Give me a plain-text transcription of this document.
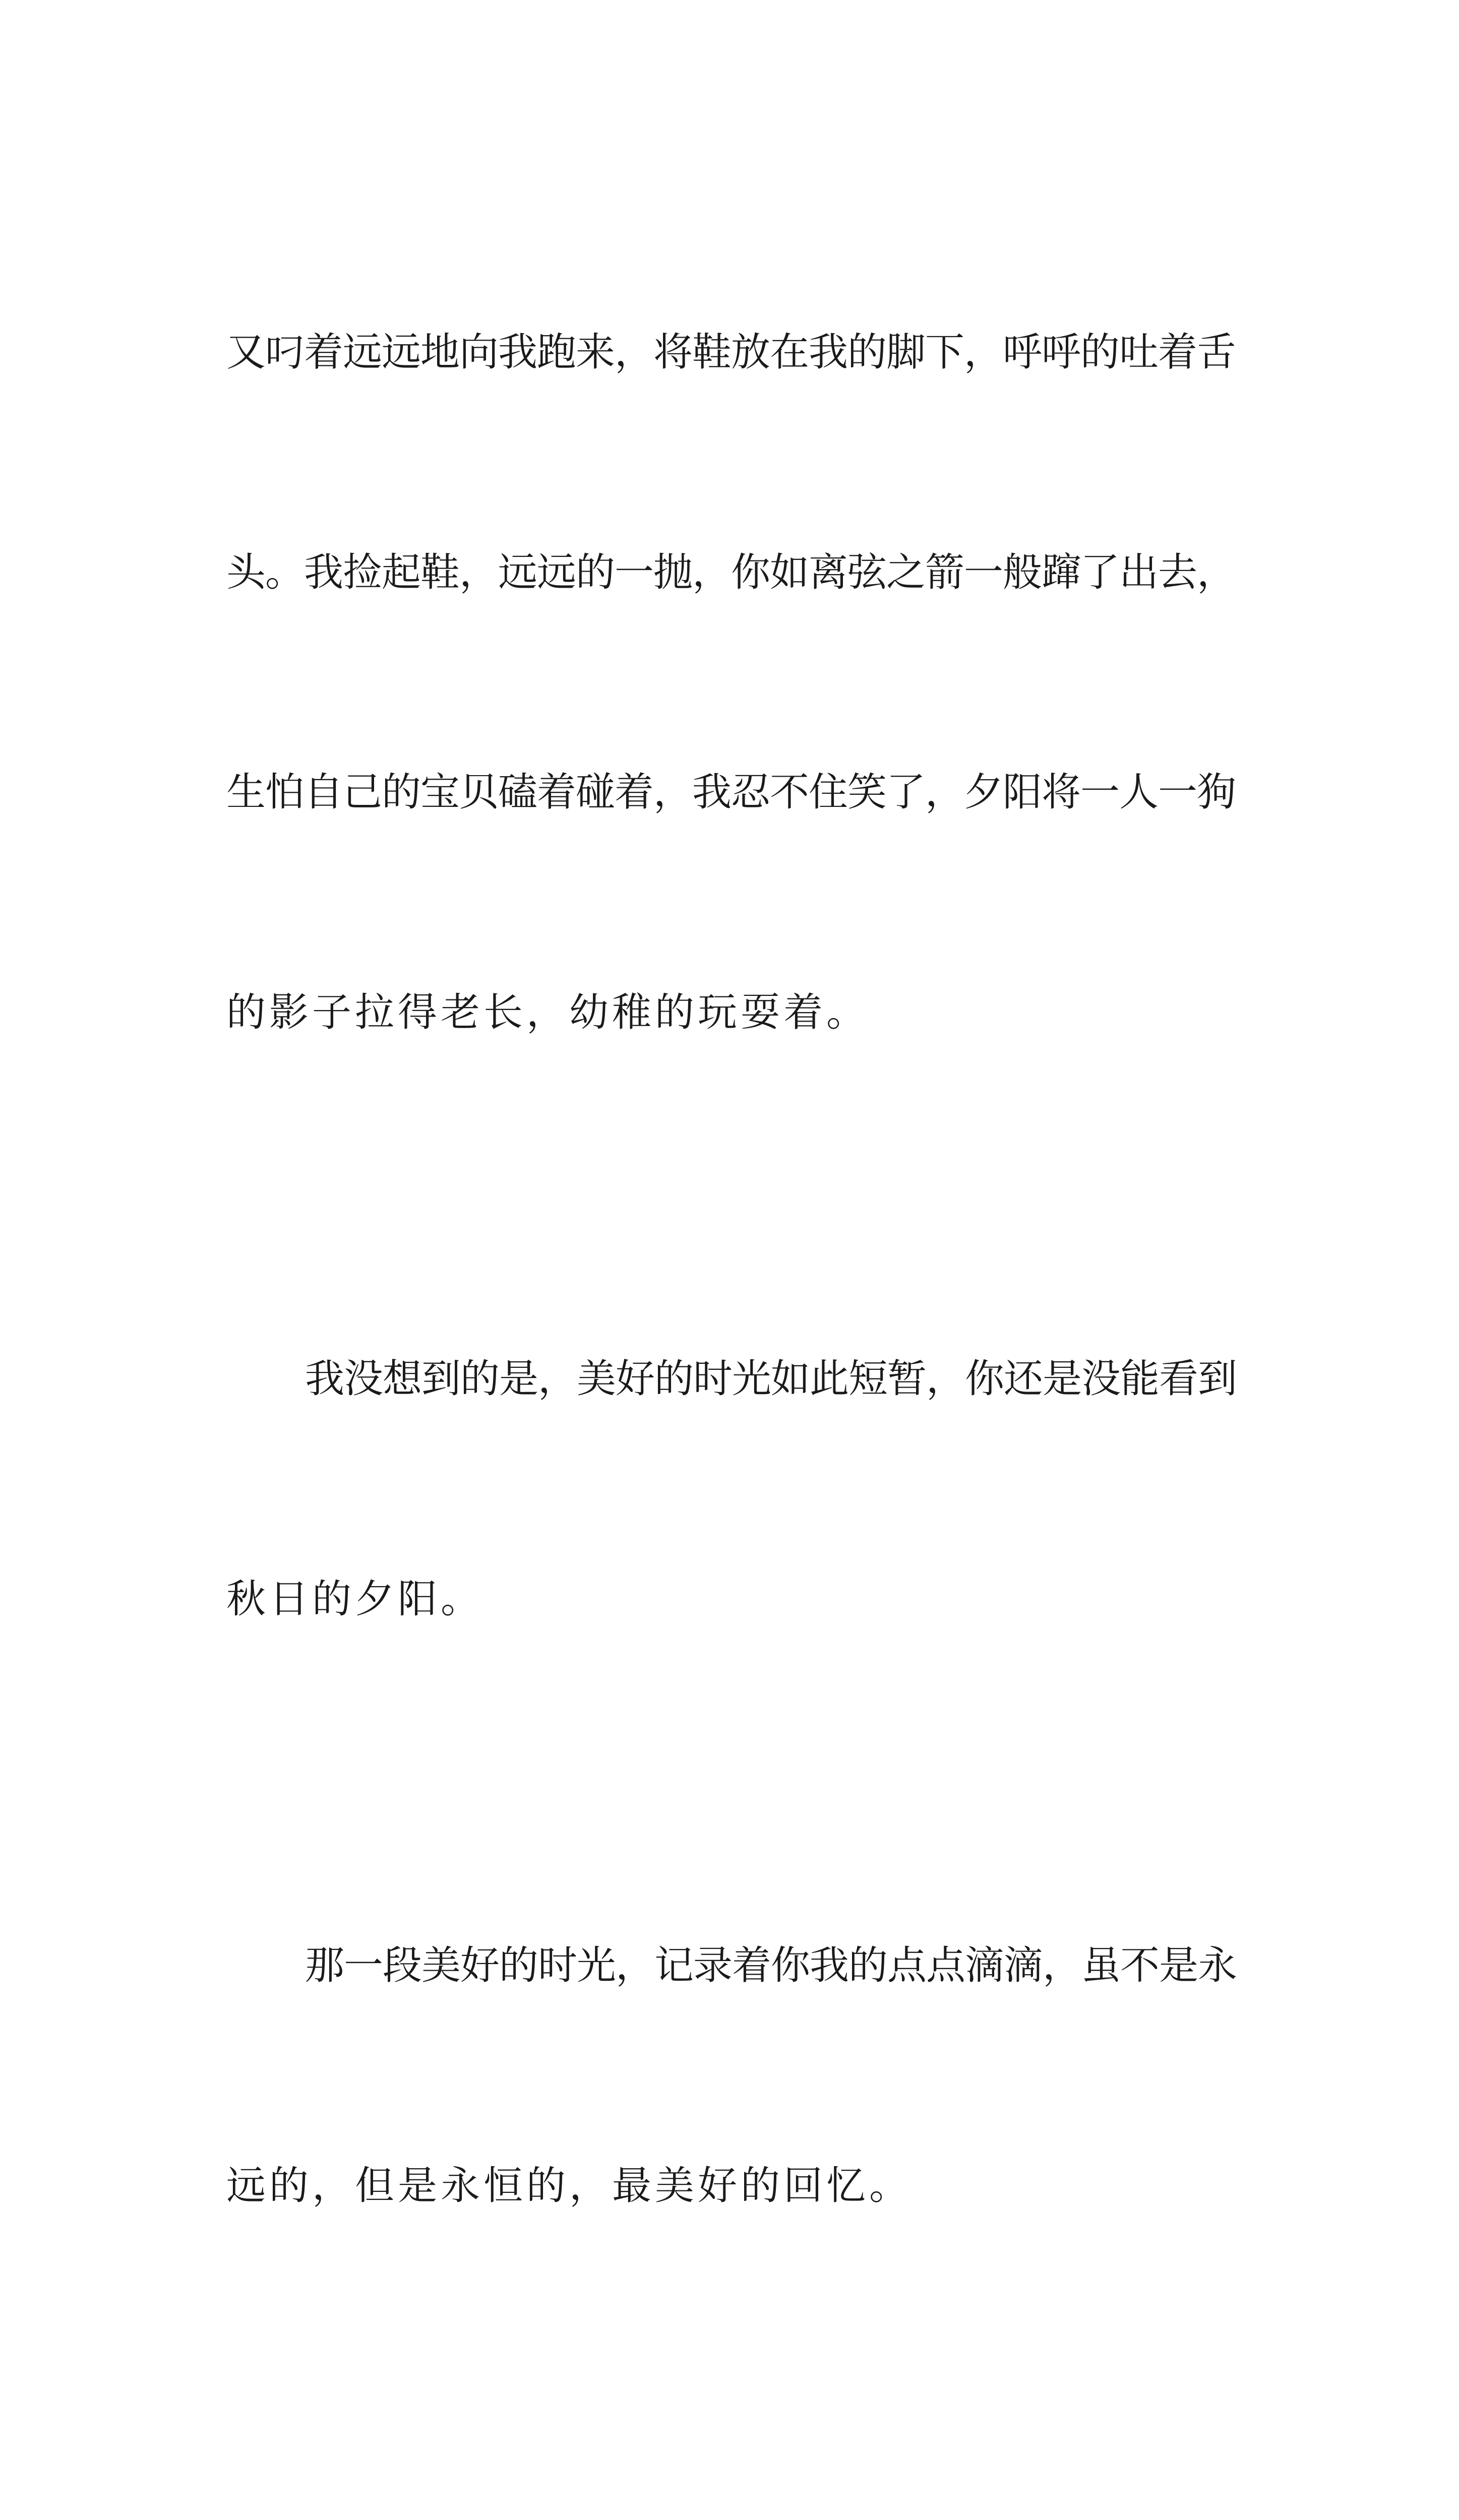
又叼着远远地向我跑来，将鞋放在我的脚下，呼呼的吐着舌

头。我捡起鞋，远远的一抛，你如离弦之箭一般蹿了出去，

生怕自己的宝贝磕着碰着，我忍不住笑了，夕阳将一人一狗

的影子拉得老长，幼稚的玩耍着。

我没想到的是，美好的时光如此短暂，你还是没能看到

秋日的夕阳。

那一段美好的时光，记录着你我的点点滴滴，虽不是永

远的，但是永恒的，最美好的回忆。
